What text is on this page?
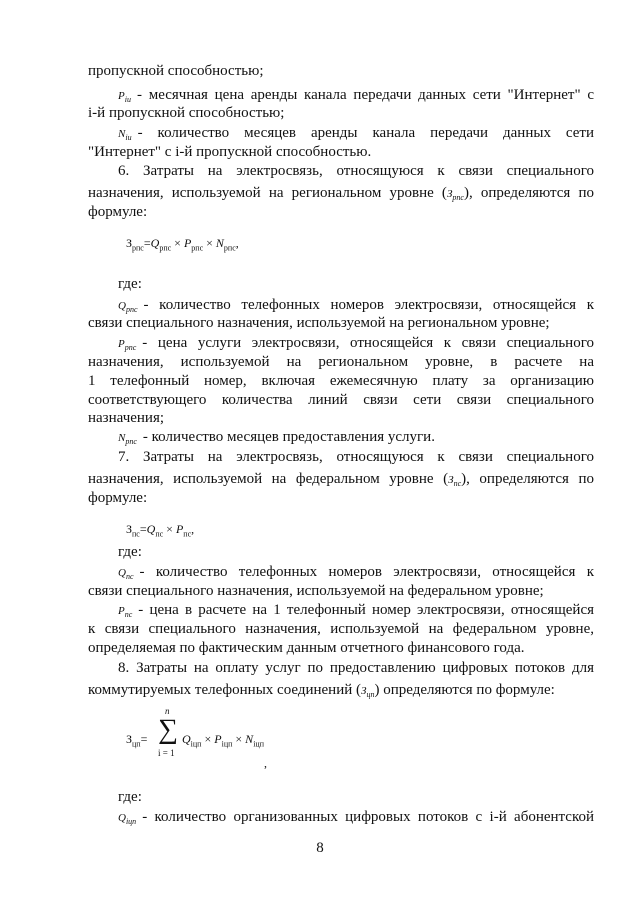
пропускной способностью;
$P_{iи}$ - месячная цена аренды канала передачи данных сети "Интернет" с
i-й пропускной способностью;
$N_{iи}$ - количество месяцев аренды канала передачи данных сети
"Интернет" с i-й пропускной способностью.
6. Затраты на электросвязь, относящуюся к связи специального
назначения, используемой на региональном уровне $(З_{рпс})$, определяются по
формуле:
$З_{рпс}=Q_{рпс} \times P_{рпс} \times N_{рпс}$,
где:
$Q_{рпс}$ - количество телефонных номеров электросвязи, относящейся к
связи специального назначения, используемой на региональном уровне;
$P_{рпс}$ - цена услуги электросвязи, относящейся к связи специального
назначения, используемой на региональном уровне, в расчете на
1 телефонный номер, включая ежемесячную плату за организацию
соответствующего количества линий связи сети связи специального
назначения;
$N_{рпс}$ - количество месяцев предоставления услуги.
7. Затраты на электросвязь, относящуюся к связи специального
назначения, используемой на федеральном уровне $(З_{пс})$, определяются по
формуле:
$З_{пс}=Q_{пс} \times P_{пс}$,
где:
$Q_{пс}$ - количество телефонных номеров электросвязи, относящейся к
связи специального назначения, используемой на федеральном уровне;
$P_{пс}$ - цена в расчете на 1 телефонный номер электросвязи, относящейся
к связи специального назначения, используемой на федеральном уровне,
определяемая по фактическим данным отчетного финансового года.
8. Затраты на оплату услуг по предоставлению цифровых потоков для
коммутируемых телефонных соединений $(З_{цп})$ определяются по формуле:
$З_{цп}=$
n
∑
i = 1
$Q_{iцп} \times P_{iцп} \times N_{iцп}$
,
где:
$Q_{iцп}$ - количество организованных цифровых потоков с i-й абонентской
8
